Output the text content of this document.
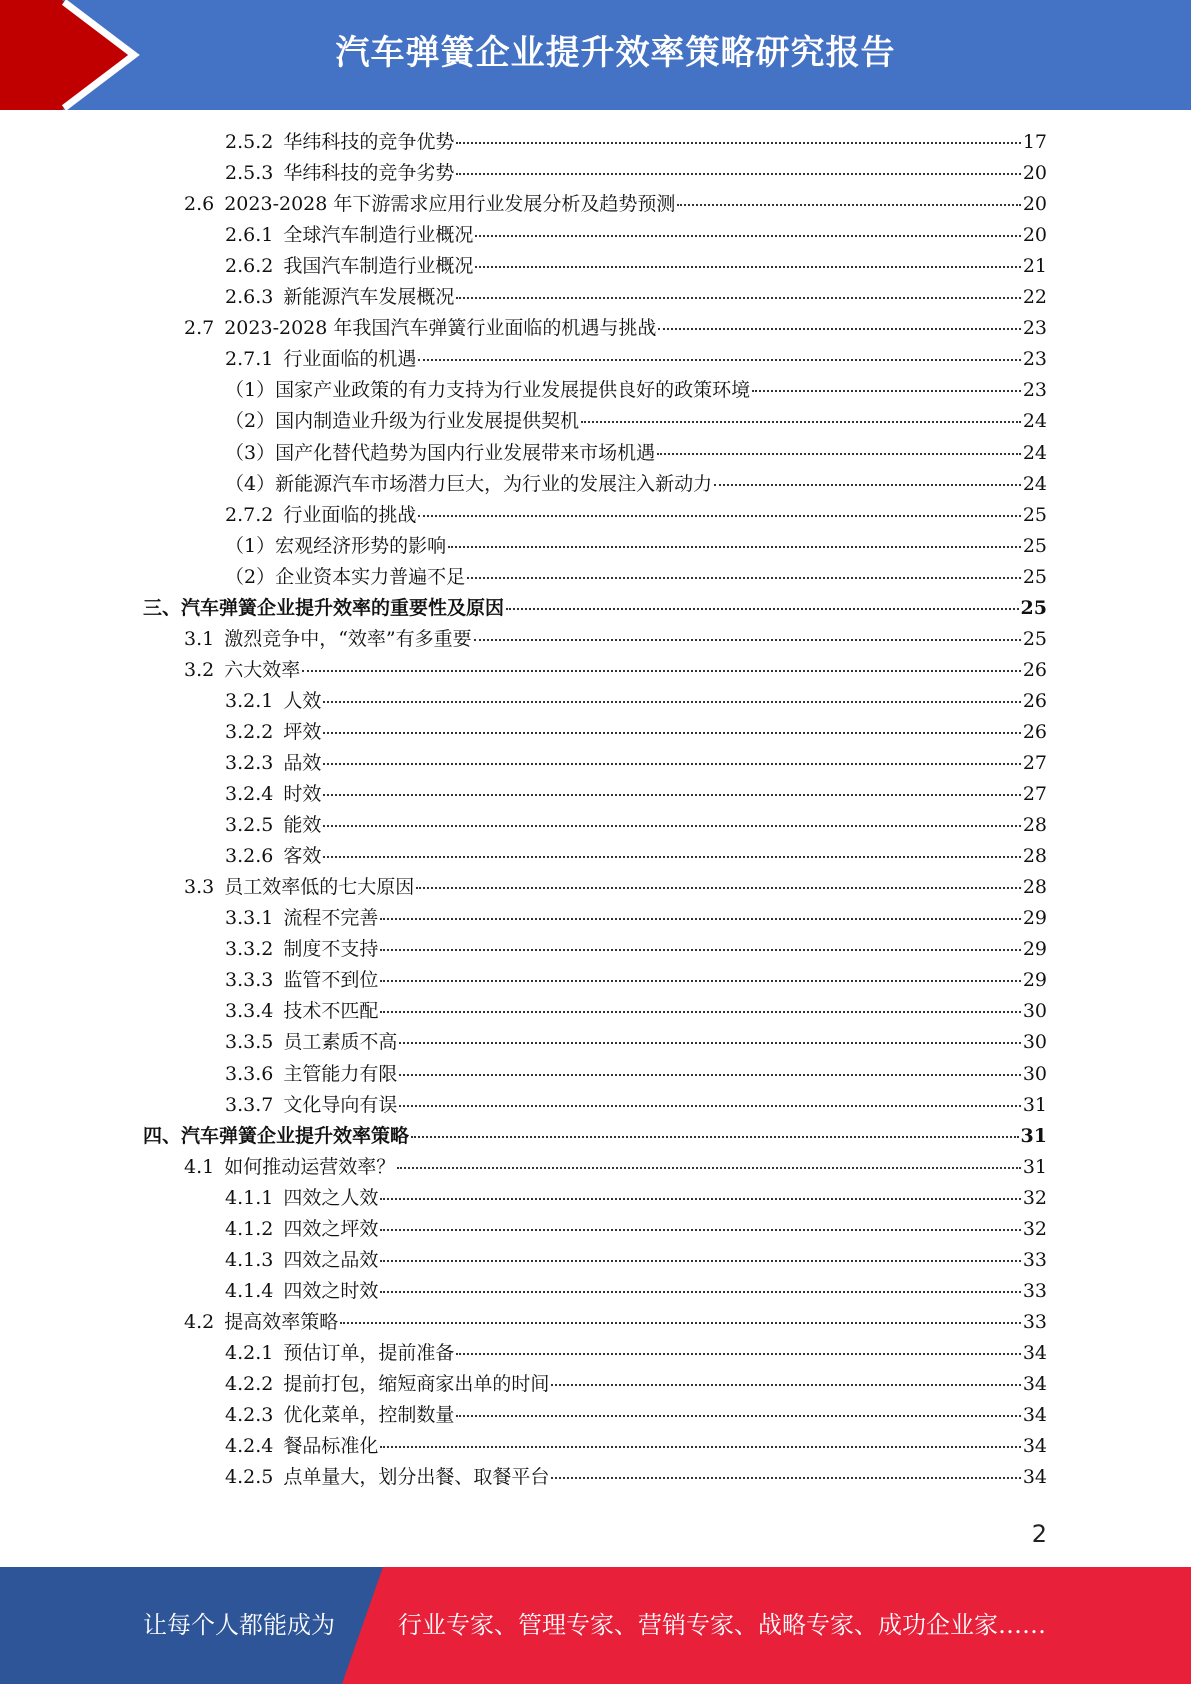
汽车弹簧企业提升效率策略研究报告
2.5.2 华纬科技的竞争优势	17
2.5.3 华纬科技的竞争劣势	20
2.6 2023-2028 年下游需求应用行业发展分析及趋势预测	20
2.6.1 全球汽车制造行业概况	20
2.6.2 我国汽车制造行业概况	21
2.6.3 新能源汽车发展概况	22
2.7 2023-2028 年我国汽车弹簧行业面临的机遇与挑战	23
2.7.1 行业面临的机遇	23
（1）国家产业政策的有力支持为行业发展提供良好的政策环境	23
（2）国内制造业升级为行业发展提供契机	24
（3）国产化替代趋势为国内行业发展带来市场机遇	24
（4）新能源汽车市场潜力巨大，为行业的发展注入新动力	24
2.7.2 行业面临的挑战	25
（1）宏观经济形势的影响	25
（2）企业资本实力普遍不足	25
三、汽车弹簧企业提升效率的重要性及原因	25
3.1 激烈竞争中，“效率”有多重要	25
3.2 六大效率	26
3.2.1 人效	26
3.2.2 坪效	26
3.2.3 品效	27
3.2.4 时效	27
3.2.5 能效	28
3.2.6 客效	28
3.3 员工效率低的七大原因	28
3.3.1 流程不完善	29
3.3.2 制度不支持	29
3.3.3 监管不到位	29
3.3.4 技术不匹配	30
3.3.5 员工素质不高	30
3.3.6 主管能力有限	30
3.3.7 文化导向有误	31
四、汽车弹簧企业提升效率策略	31
4.1 如何推动运营效率？	31
4.1.1 四效之人效	32
4.1.2 四效之坪效	32
4.1.3 四效之品效	33
4.1.4 四效之时效	33
4.2 提高效率策略	33
4.2.1 预估订单，提前准备	34
4.2.2 提前打包，缩短商家出单的时间	34
4.2.3 优化菜单，控制数量	34
4.2.4 餐品标准化	34
4.2.5 点单量大，划分出餐、取餐平台	34
2
让每个人都能成为	行业专家、管理专家、营销专家、战略专家、成功企业家……
